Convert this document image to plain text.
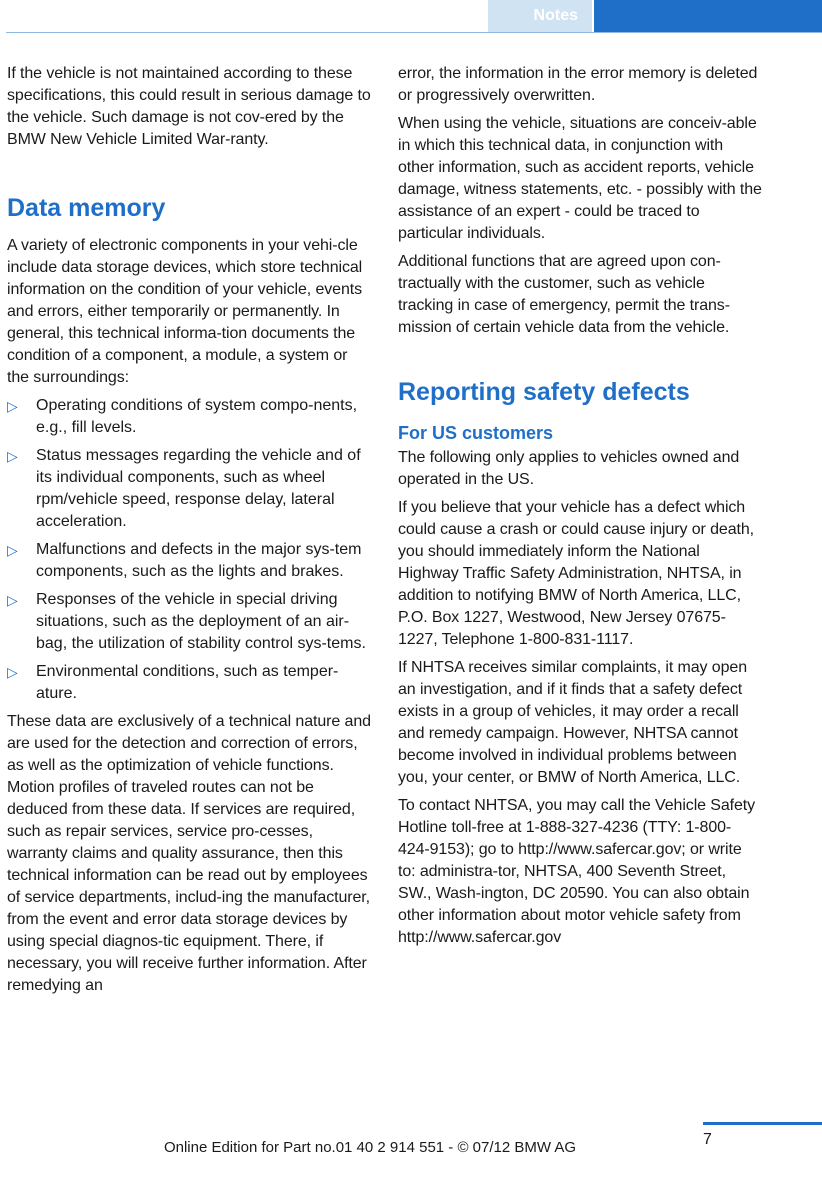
Notes

If the vehicle is not maintained according to these specifications, this could result in serious damage to the vehicle. Such damage is not cov-ered by the BMW New Vehicle Limited War-ranty.

Data memory

A variety of electronic components in your vehi-cle include data storage devices, which store technical information on the condition of your vehicle, events and errors, either temporarily or permanently. In general, this technical informa-tion documents the condition of a component, a module, a system or the surroundings:

▷ Operating conditions of system compo-nents, e.g., fill levels.
▷ Status messages regarding the vehicle and of its individual components, such as wheel rpm/vehicle speed, response delay, lateral acceleration.
▷ Malfunctions and defects in the major sys-tem components, such as the lights and brakes.
▷ Responses of the vehicle in special driving situations, such as the deployment of an air-bag, the utilization of stability control sys-tems.
▷ Environmental conditions, such as temper-ature.

These data are exclusively of a technical nature and are used for the detection and correction of errors, as well as the optimization of vehicle functions. Motion profiles of traveled routes can not be deduced from these data. If services are required, such as repair services, service pro-cesses, warranty claims and quality assurance, then this technical information can be read out by employees of service departments, includ-ing the manufacturer, from the event and error data storage devices by using special diagnos-tic equipment. There, if necessary, you will receive further information. After remedying an

error, the information in the error memory is deleted or progressively overwritten.

When using the vehicle, situations are conceiv-able in which this technical data, in conjunction with other information, such as accident reports, vehicle damage, witness statements, etc. - possibly with the assistance of an expert - could be traced to particular individuals.

Additional functions that are agreed upon con-tractually with the customer, such as vehicle tracking in case of emergency, permit the trans-mission of certain vehicle data from the vehicle.

Reporting safety defects
For US customers

The following only applies to vehicles owned and operated in the US.

If you believe that your vehicle has a defect which could cause a crash or could cause injury or death, you should immediately inform the National Highway Traffic Safety Administration, NHTSA, in addition to notifying BMW of North America, LLC, P.O. Box 1227, Westwood, New Jersey 07675-1227, Telephone 1-800-831-1117.

If NHTSA receives similar complaints, it may open an investigation, and if it finds that a safety defect exists in a group of vehicles, it may order a recall and remedy campaign. However, NHTSA cannot become involved in individual problems between you, your center, or BMW of North America, LLC.

To contact NHTSA, you may call the Vehicle Safety Hotline toll-free at 1-888-327-4236 (TTY: 1-800-424-9153); go to http://www.safercar.gov; or write to: administra-tor, NHTSA, 400 Seventh Street, SW., Wash-ington, DC 20590. You can also obtain other information about motor vehicle safety from http://www.safercar.gov

Online Edition for Part no.01 40 2 914 551 - © 07/12 BMW AG	7
